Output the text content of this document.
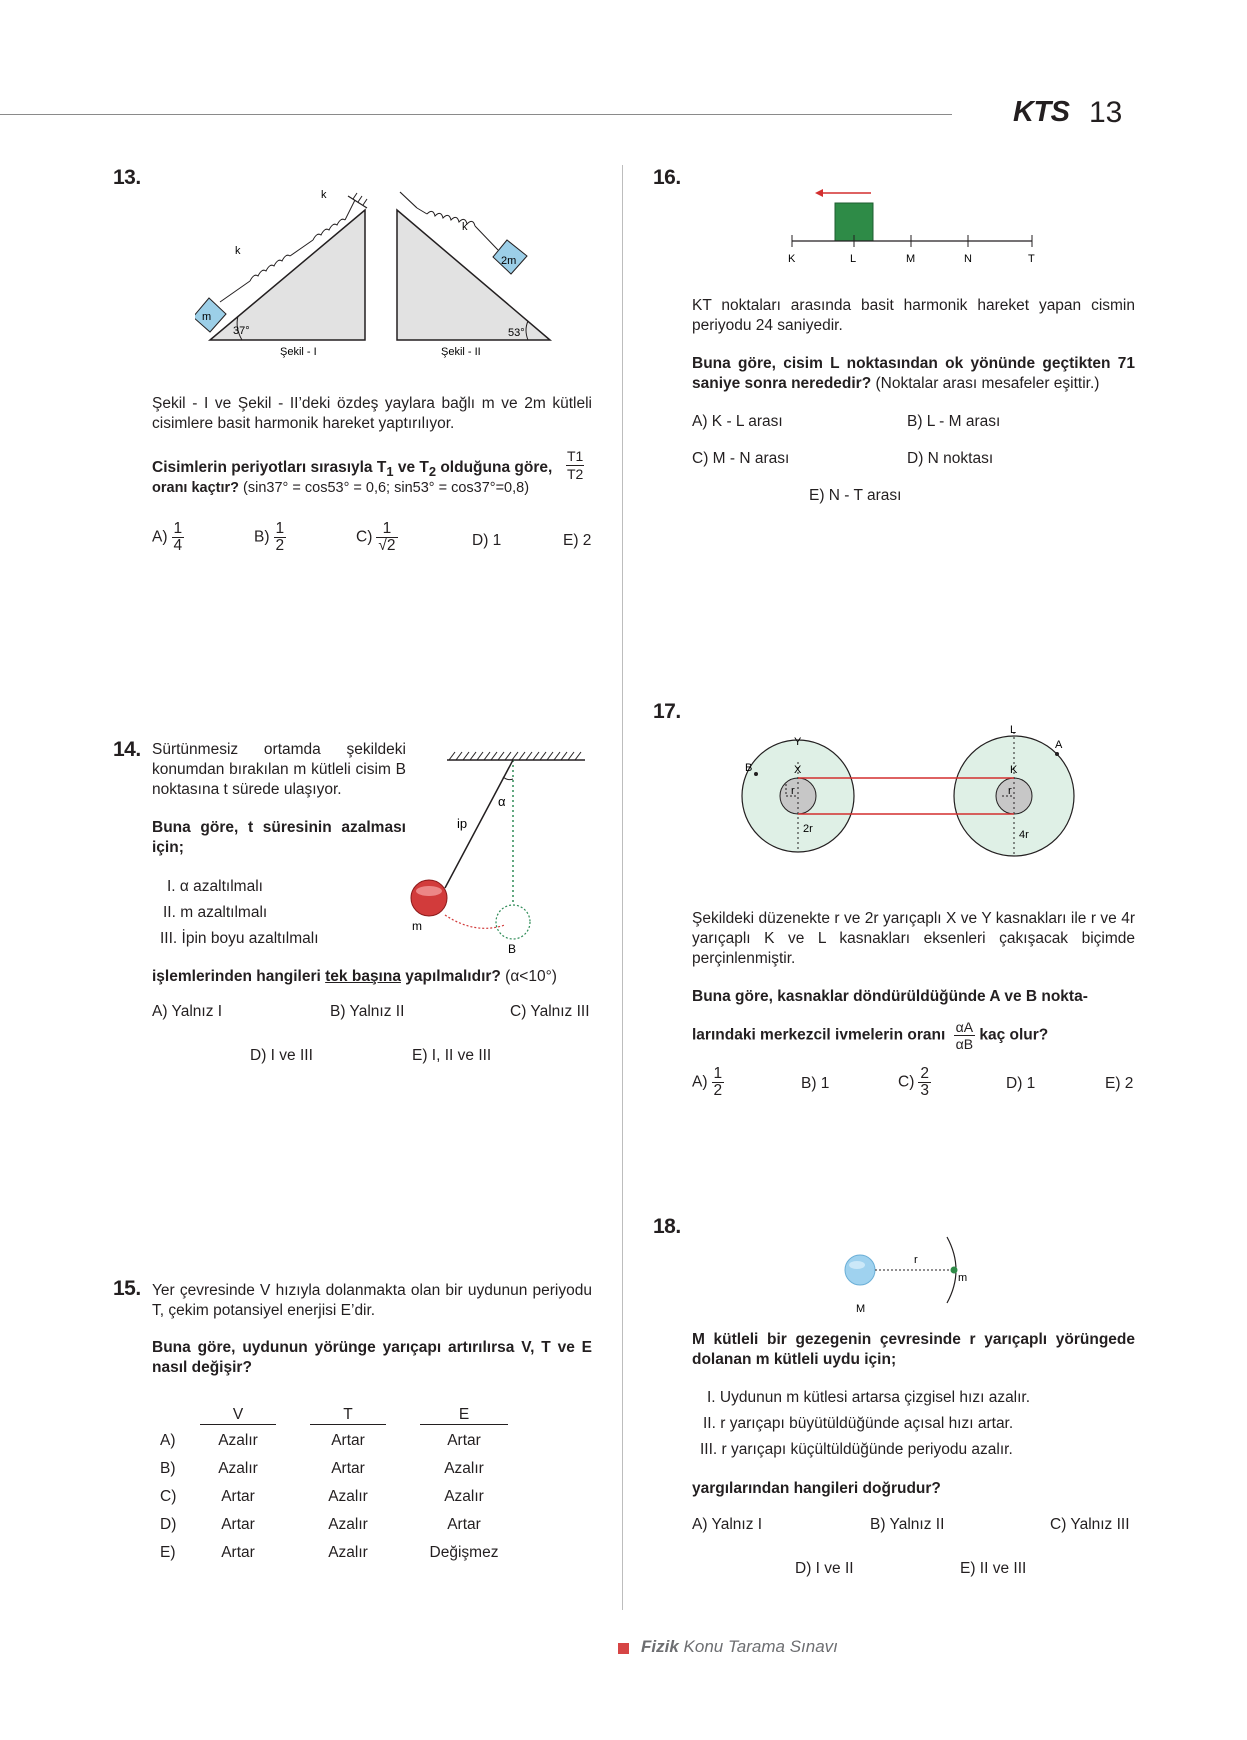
KTS 13
13.
37°
m
k
k
Şekil - I
53°
2m
k
Şekil - II
Şekil - I ve Şekil - II’deki özdeş yaylara bağlı m ve 2m kütleli cisimlere basit harmonik hareket yaptırılıyor.
Cisimlerin periyotları sırasıyla $T_1$ ve $T_2$ olduğuna göre,
oranı kaçtır? (sin37° = cos53° = 0,6; sin53° = cos37°=0,8)
T1
T2
$A) \frac{1}{4}$	$B) \frac{1}{2}$	$C) \frac{1}{√2}$	D) 1	E) 2
14. Sürtünmesiz ortamda şekildeki konumdan bırakılan m kütleli cisim B noktasına t sürede ulaşıyor.
Buna göre, t süresinin azalması için;
I. α azaltılmalı
II. m azaltılmalı
III. İpin boyu azaltılmalı
α
ip
m
B
işlemlerinden hangileri tek başına yapılmalıdır? (α<10°)
A) Yalnız I	B) Yalnız II	C) Yalnız III
D) I ve III	E) I, II ve III
15. Yer çevresinde V hızıyla dolanmakta olan bir uydunun periyodu T, çekim potansiyel enerjisi E’dir.
Buna göre, uydunun yörünge yarıçapı artırılırsa V, T ve E nasıl değişir?
V	T	E
A)	Azalır	Artar	Artar
B)	Azalır	Artar	Azalır
C)	Artar	Azalır	Azalır
D)	Artar	Azalır	Artar
E)	Artar	Azalır	Değişmez
16.
K	L	M	N	T
KT noktaları arasında basit harmonik hareket yapan cismin periyodu 24 saniyedir.
Buna göre, cisim L noktasından ok yönünde geçtikten 71 saniye sonra nerededir? (Noktalar arası mesafeler eşittir.)
A) K - L arası	B) L - M arası
C) M - N arası	D) N noktası
E) N - T arası
17.
Y
X
B
r
2r
L
K
A
r
4r
Şekildeki düzenekte r ve 2r yarıçaplı X ve Y kasnakları ile r ve 4r yarıçaplı K ve L kasnakları eksenleri çakışacak biçimde perçinlenmiştir.
Buna göre, kasnaklar döndürüldüğünde A ve B nokta-
larındaki merkezcil ivmelerin oranı $\frac{\alpha A}{\alpha B}$ kaç olur?
$A) \frac{1}{2}$	B) 1	$C) \frac{2}{3}$	D) 1	E) 2
18.
r
m
M
M kütleli bir gezegenin çevresinde r yarıçaplı yörüngede dolanan m kütleli uydu için;
I. Uydunun m kütlesi artarsa çizgisel hızı azalır.
II. r yarıçapı büyütüldüğünde açısal hızı artar.
III. r yarıçapı küçültüldüğünde periyodu azalır.
yargılarından hangileri doğrudur?
A) Yalnız I	B) Yalnız II	C) Yalnız III
D) I ve II	E) II ve III
Fizik Konu Tarama Sınavı
